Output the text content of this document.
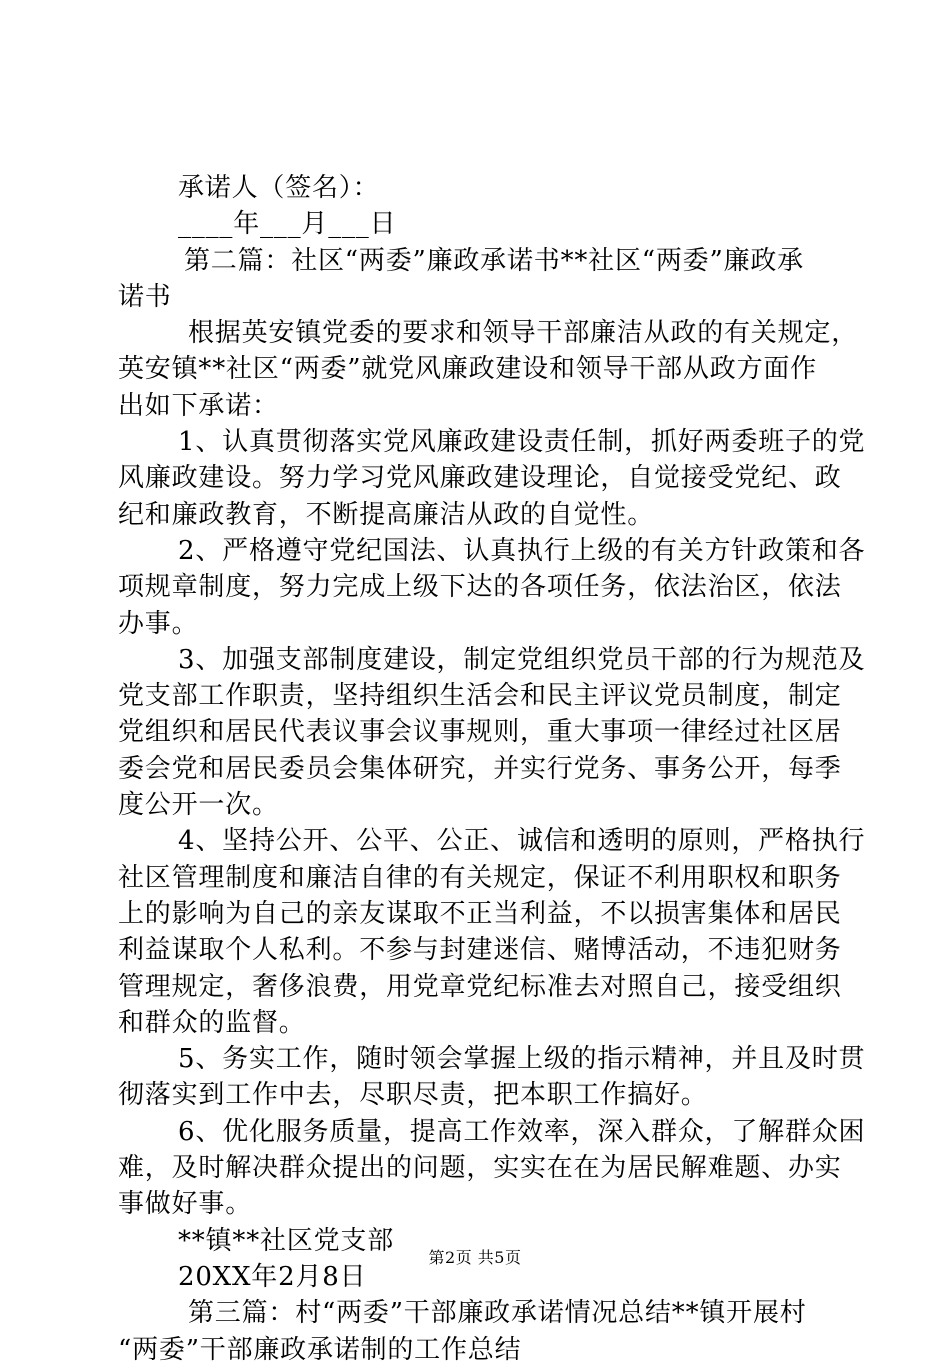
承诺人（签名）：
____年___月___日
第二篇：社区“两委”廉政承诺书**社区“两委”廉政承
诺书
根据英安镇党委的要求和领导干部廉洁从政的有关规定，
英安镇**社区“两委”就党风廉政建设和领导干部从政方面作
出如下承诺：
1、认真贯彻落实党风廉政建设责任制，抓好两委班子的党
风廉政建设。努力学习党风廉政建设理论，自觉接受党纪、政
纪和廉政教育，不断提高廉洁从政的自觉性。
2、严格遵守党纪国法、认真执行上级的有关方针政策和各
项规章制度，努力完成上级下达的各项任务，依法治区，依法
办事。
3、加强支部制度建设，制定党组织党员干部的行为规范及
党支部工作职责，坚持组织生活会和民主评议党员制度，制定
党组织和居民代表议事会议事规则，重大事项一律经过社区居
委会党和居民委员会集体研究，并实行党务、事务公开，每季
度公开一次。
4、坚持公开、公平、公正、诚信和透明的原则，严格执行
社区管理制度和廉洁自律的有关规定，保证不利用职权和职务
上的影响为自己的亲友谋取不正当利益，不以损害集体和居民
利益谋取个人私利。不参与封建迷信、赌博活动，不违犯财务
管理规定，奢侈浪费，用党章党纪标准去对照自己，接受组织
和群众的监督。
5、务实工作，随时领会掌握上级的指示精神，并且及时贯
彻落实到工作中去，尽职尽责，把本职工作搞好。
6、优化服务质量，提高工作效率，深入群众，了解群众困
难，及时解决群众提出的问题，实实在在为居民解难题、办实
事做好事。
**镇**社区党支部
20XX年2月8日
第三篇：村“两委”干部廉政承诺情况总结**镇开展村
“两委”干部廉政承诺制的工作总结
第2页 共5页
